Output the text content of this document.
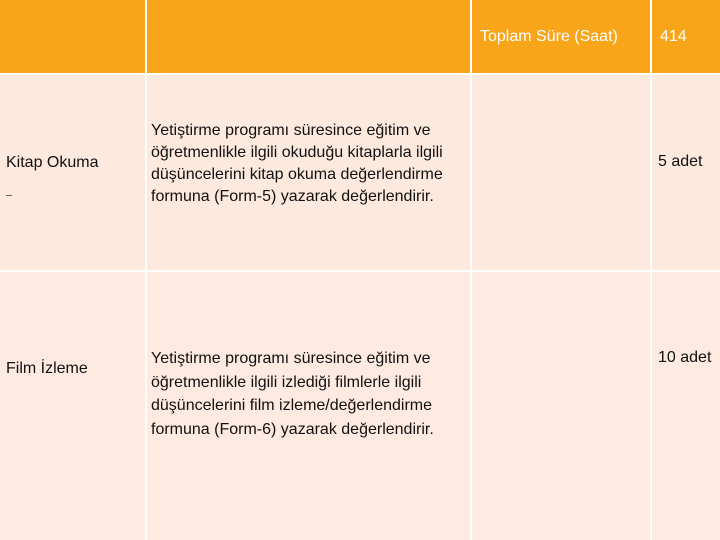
Toplam Süre (Saat)	414
Kitap Okuma
Yetiştirme programı süresince eğitim ve öğretmenlikle ilgili okuduğu kitaplarla ilgili düşüncelerini kitap okuma değerlendirme formuna (Form-5) yazarak değerlendirir.
5 adet
Film İzleme
Yetiştirme programı süresince eğitim ve öğretmenlikle ilgili izlediği filmlerle ilgili düşüncelerini film izleme/değerlendirme formuna (Form-6) yazarak değerlendirir.
10 adet
